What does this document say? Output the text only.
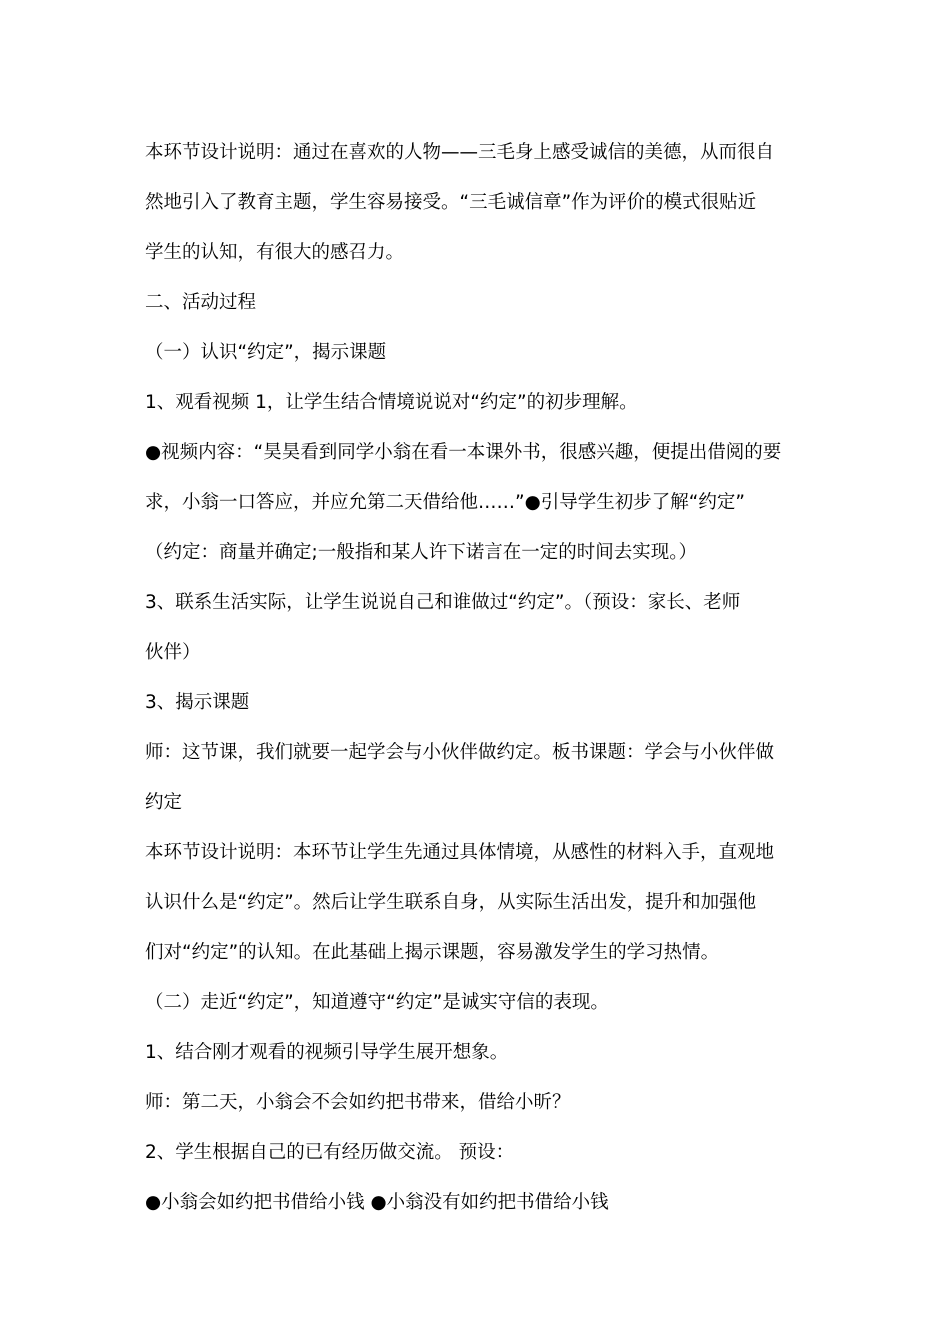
本环节设计说明：通过在喜欢的人物——三毛身上感受诚信的美德，从而很自
然地引入了教育主题，学生容易接受。“三毛诚信章”作为评价的模式很贴近
学生的认知，有很大的感召力。
二、活动过程
（一）认识“约定”，揭示课题
1、观看视频 1，让学生结合情境说说对“约定”的初步理解。
●视频内容：“昊昊看到同学小翁在看一本课外书，很感兴趣，便提出借阅的要
求，小翁一口答应，并应允第二天借给他……”●引导学生初步了解“约定”
（约定：商量并确定;一般指和某人许下诺言在一定的时间去实现。）
3、联系生活实际，让学生说说自己和谁做过“约定”。（预设：家长、老师
伙伴）
3、揭示课题
师：这节课，我们就要一起学会与小伙伴做约定。板书课题：学会与小伙伴做
约定
本环节设计说明：本环节让学生先通过具体情境，从感性的材料入手，直观地
认识什么是“约定”。然后让学生联系自身，从实际生活出发，提升和加强他
们对“约定”的认知。在此基础上揭示课题，容易激发学生的学习热情。
（二）走近“约定”，知道遵守“约定”是诚实守信的表现。
1、结合刚才观看的视频引导学生展开想象。
师：第二天，小翁会不会如约把书带来，借给小昕？
2、学生根据自己的已有经历做交流。 预设：
●小翁会如约把书借给小钱 ●小翁没有如约把书借给小钱
